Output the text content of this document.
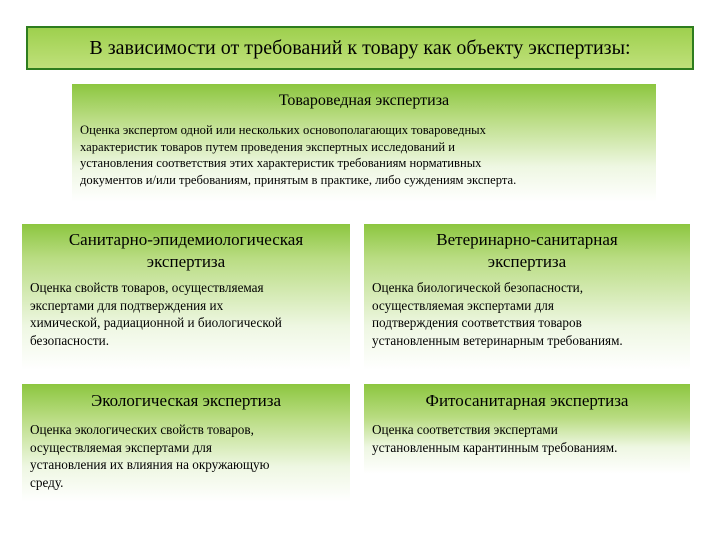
В зависимости от требований к товару как объекту экспертизы:
Товароведная экспертиза
Оценка экспертом одной или нескольких основополагающих товароведных
характеристик товаров путем проведения экспертных исследований и
установления соответствия этих характеристик требованиям нормативных
документов и/или требованиям, принятым в практике, либо суждениям эксперта.
Санитарно-эпидемиологическая
экспертиза
Оценка свойств товаров, осуществляемая
экспертами для подтверждения их
химической, радиационной и биологической
безопасности.
Ветеринарно-санитарная
экспертиза
Оценка биологической безопасности,
осуществляемая экспертами для
подтверждения соответствия товаров
установленным ветеринарным требованиям.
Экологическая экспертиза
Оценка экологических свойств товаров,
осуществляемая экспертами для
установления их влияния на окружающую
среду.
Фитосанитарная экспертиза
Оценка соответствия экспертами
установленным карантинным требованиям.
